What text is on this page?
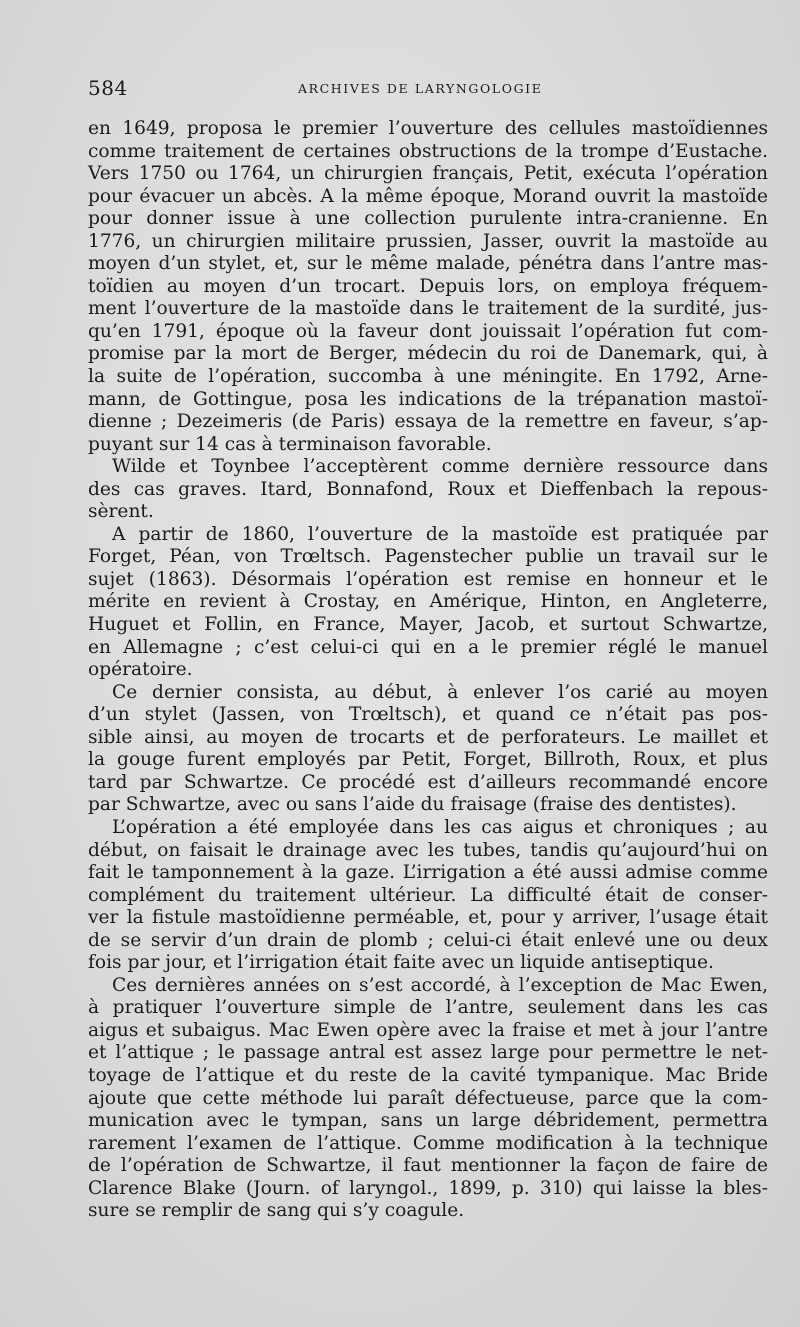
584	ARCHIVES DE LARYNGOLOGIE
en 1649, proposa le premier l’ouverture des cellules mastoïdiennes
comme traitement de certaines obstructions de la trompe d’Eustache.
Vers 1750 ou 1764, un chirurgien français, Petit, exécuta l’opération
pour évacuer un abcès. A la même époque, Morand ouvrit la mastoïde
pour donner issue à une collection purulente intra-cranienne. En
1776, un chirurgien militaire prussien, Jasser, ouvrit la mastoïde au
moyen d’un stylet, et, sur le même malade, pénétra dans l’antre mas-
toïdien au moyen d’un trocart. Depuis lors, on employa fréquem-
ment l’ouverture de la mastoïde dans le traitement de la surdité, jus-
qu’en 1791, époque où la faveur dont jouissait l’opération fut com-
promise par la mort de Berger, médecin du roi de Danemark, qui, à
la suite de l’opération, succomba à une méningite. En 1792, Arne-
mann, de Gottingue, posa les indications de la trépanation mastoï-
dienne ; Dezeimeris (de Paris) essaya de la remettre en faveur, s’ap-
puyant sur 14 cas à terminaison favorable.
Wilde et Toynbee l’acceptèrent comme dernière ressource dans
des cas graves. Itard, Bonnafond, Roux et Dieffenbach la repous-
sèrent.
A partir de 1860, l’ouverture de la mastoïde est pratiquée par
Forget, Péan, von Trœltsch. Pagenstecher publie un travail sur le
sujet (1863). Désormais l’opération est remise en honneur et le
mérite en revient à Crostay, en Amérique, Hinton, en Angleterre,
Huguet et Follin, en France, Mayer, Jacob, et surtout Schwartze,
en Allemagne ; c’est celui-ci qui en a le premier réglé le manuel
opératoire.
Ce dernier consista, au début, à enlever l’os carié au moyen
d’un stylet (Jassen, von Trœltsch), et quand ce n’était pas pos-
sible ainsi, au moyen de trocarts et de perforateurs. Le maillet et
la gouge furent employés par Petit, Forget, Billroth, Roux, et plus
tard par Schwartze. Ce procédé est d’ailleurs recommandé encore
par Schwartze, avec ou sans l’aide du fraisage (fraise des dentistes).
L’opération a été employée dans les cas aigus et chroniques ; au
début, on faisait le drainage avec les tubes, tandis qu’aujourd’hui on
fait le tamponnement à la gaze. L’irrigation a été aussi admise comme
complément du traitement ultérieur. La difficulté était de conser-
ver la fistule mastoïdienne perméable, et, pour y arriver, l’usage était
de se servir d’un drain de plomb ; celui-ci était enlevé une ou deux
fois par jour, et l’irrigation était faite avec un liquide antiseptique.
Ces dernières années on s’est accordé, à l’exception de Mac Ewen,
à pratiquer l’ouverture simple de l’antre, seulement dans les cas
aigus et subaigus. Mac Ewen opère avec la fraise et met à jour l’antre
et l’attique ; le passage antral est assez large pour permettre le net-
toyage de l’attique et du reste de la cavité tympanique. Mac Bride
ajoute que cette méthode lui paraît défectueuse, parce que la com-
munication avec le tympan, sans un large débridement, permettra
rarement l’examen de l’attique. Comme modification à la technique
de l’opération de Schwartze, il faut mentionner la façon de faire de
Clarence Blake (Journ. of laryngol., 1899, p. 310) qui laisse la bles-
sure se remplir de sang qui s’y coagule.
